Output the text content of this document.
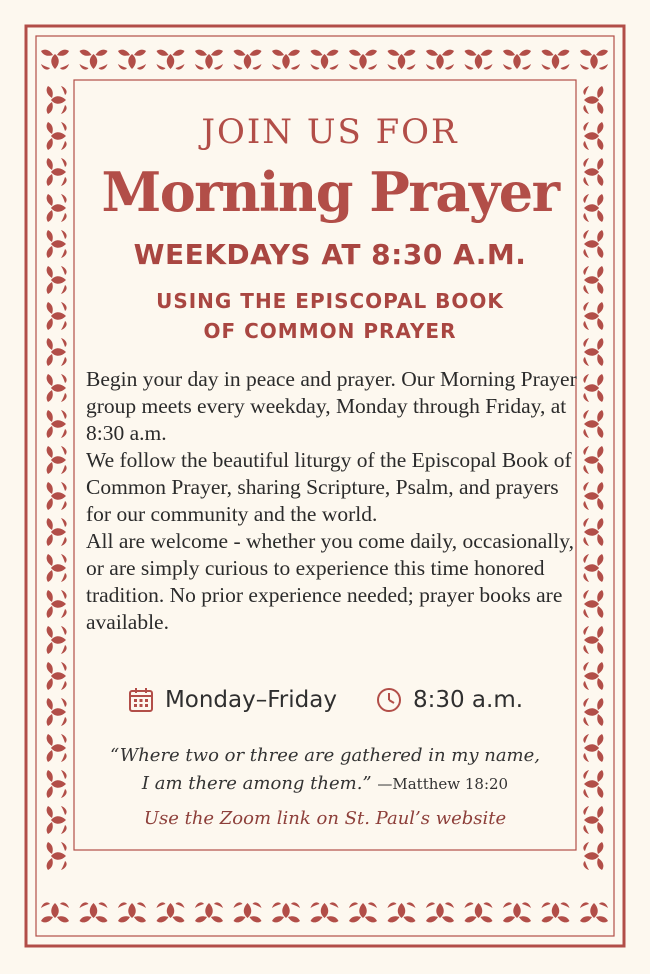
JOIN US FOR
Morning Prayer
WEEKDAYS AT 8:30 A.M.
USING THE EPISCOPAL BOOK
OF COMMON PRAYER

Begin your day in peace and prayer. Our Morning Prayer group meets every weekday, Monday through Friday, at 8:30 a.m.

We follow the beautiful liturgy of the Episcopal Book of Common Prayer, sharing Scripture, Psalm, and prayers for our community and the world.

All are welcome - whether you come daily, occasionally, or are simply curious to experience this time honored tradition. No prior experience needed; prayer books are available.

Monday–Friday	8:30 a.m.
“Where two or three are gathered in my name,
I am there among them.” —Matthew 18:20
Use the Zoom link on St. Paul’s website
